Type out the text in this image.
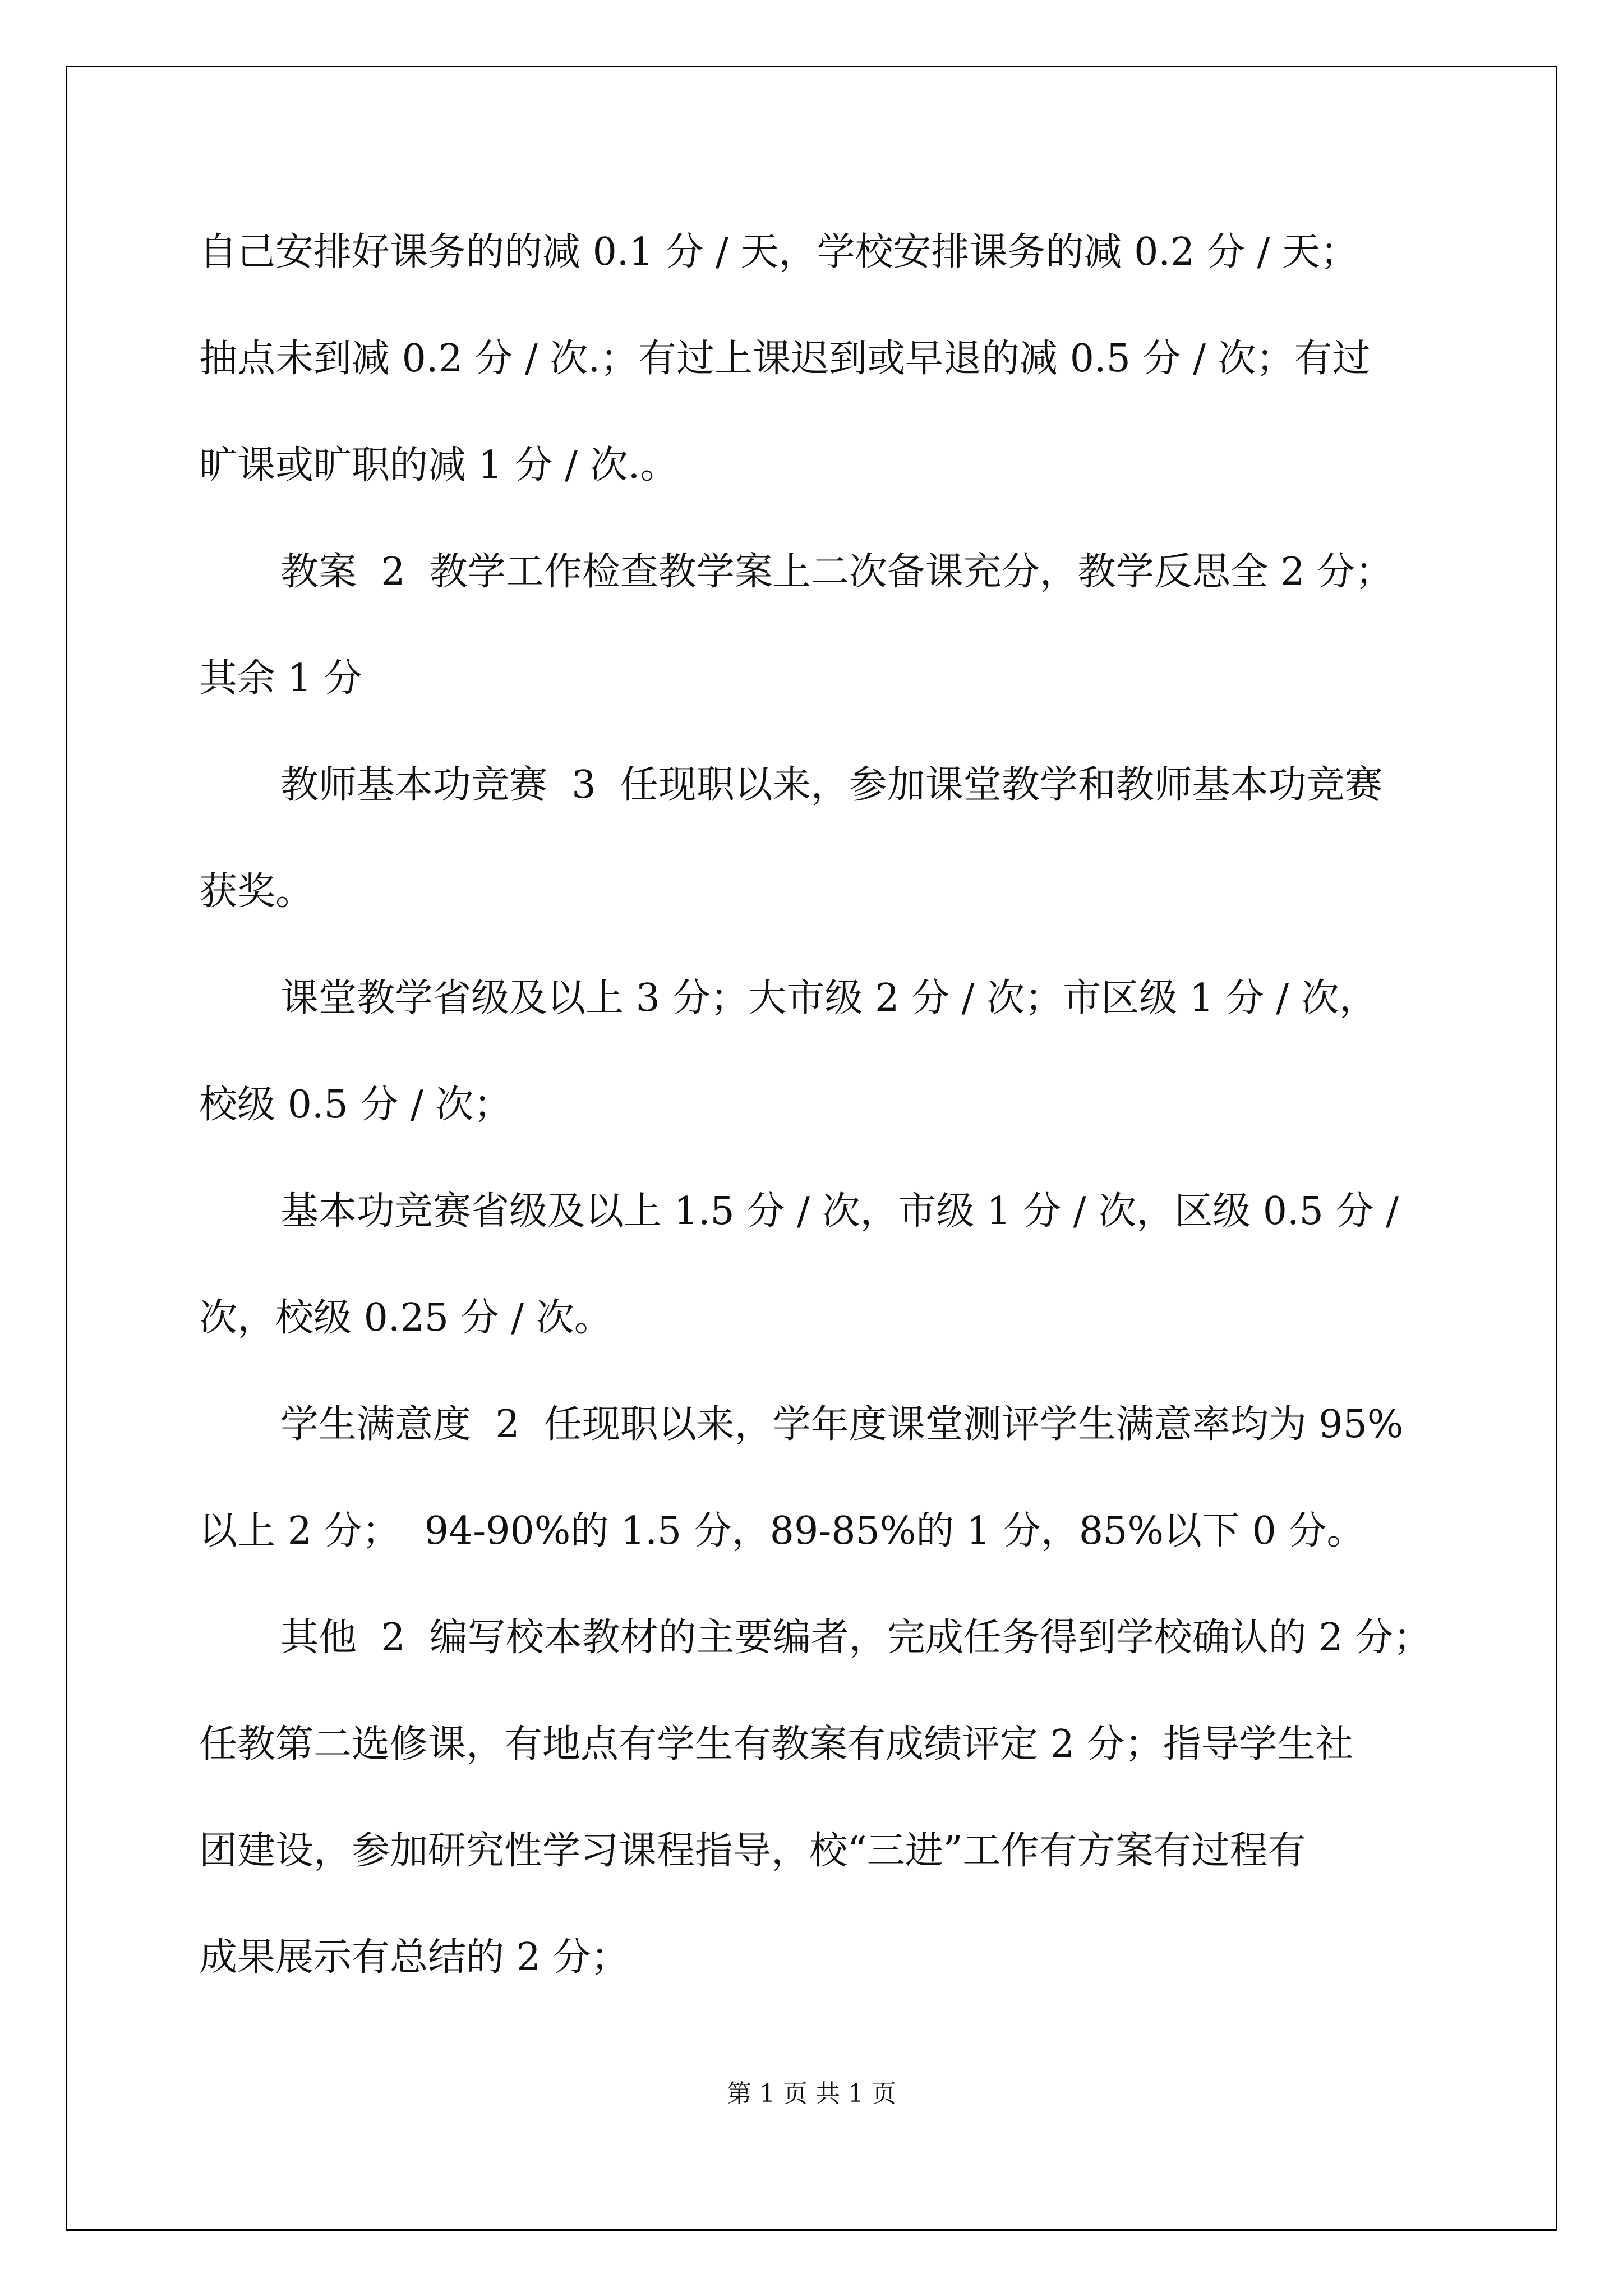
自己安排好课务的的减 0.1 分 / 天，学校安排课务的减 0.2 分 / 天；

抽点未到减 0.2 分 / 次.；有过上课迟到或早退的减 0.5 分 / 次；有过

旷课或旷职的减 1 分 / 次.。

教案  2  教学工作检查教学案上二次备课充分，教学反思全 2 分；

其余 1 分

教师基本功竞赛  3  任现职以来，参加课堂教学和教师基本功竞赛

获奖。

课堂教学省级及以上 3 分；大市级 2 分 / 次；市区级 1 分 / 次，

校级 0.5 分 / 次；

基本功竞赛省级及以上 1.5 分 / 次，市级 1 分 / 次，区级 0.5 分 /

次，校级 0.25 分 / 次。

学生满意度  2  任现职以来，学年度课堂测评学生满意率均为 95%

以上 2 分；  94-90%的 1.5 分，89-85%的 1 分，85%以下 0 分。

其他  2  编写校本教材的主要编者，完成任务得到学校确认的 2 分；

任教第二选修课，有地点有学生有教案有成绩评定 2 分；指导学生社

团建设，参加研究性学习课程指导，校“三进”工作有方案有过程有

成果展示有总结的 2 分；

第 1 页 共 1 页
